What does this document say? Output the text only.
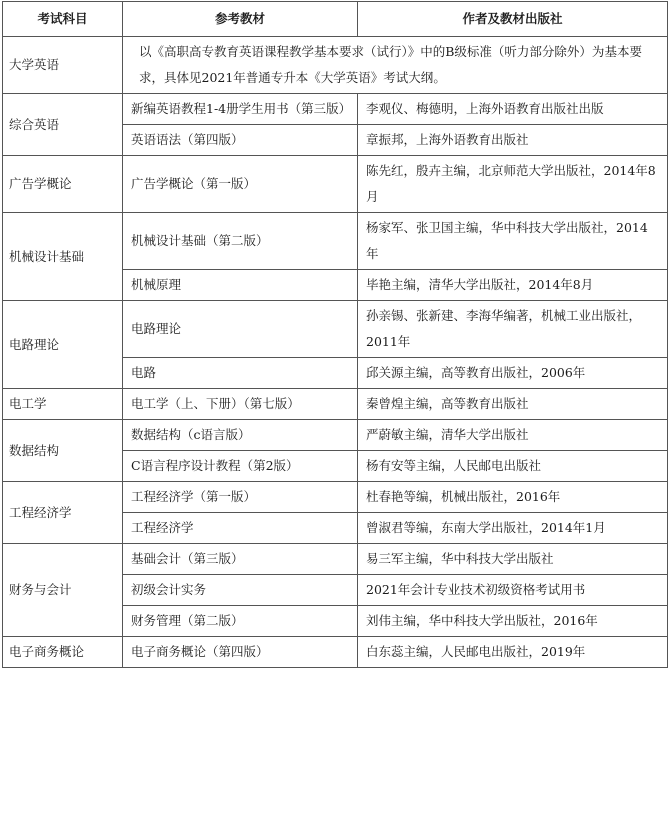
考试科目	参考教材	作者及教材出版社
大学英语	以《高职高专教育英语课程教学基本要求（试行）》中的B级标准（听力部分除外）为基本要求，具体见2021年普通专升本《大学英语》考试大纲。	
综合英语	新编英语教程1-4册学生用书（第三版）	李观仪、梅德明，上海外语教育出版社出版
	英语语法（第四版）	章振邦，上海外语教育出版社
广告学概论	广告学概论（第一版）	陈先红，殷卉主编，北京师范大学出版社，2014年8月
机械设计基础	机械设计基础（第二版）	杨家军、张卫国主编，华中科技大学出版社，2014年
	机械原理	毕艳主编，清华大学出版社，2014年8月
电路理论	电路理论	孙亲锡、张新建、李海华编著，机械工业出版社，2011年
	电路	邱关源主编，高等教育出版社，2006年
电工学	电工学（上、下册）（第七版）	秦曾煌主编，高等教育出版社
数据结构	数据结构（c语言版）	严蔚敏主编，清华大学出版社
	C语言程序设计教程（第2版）	杨有安等主编，人民邮电出版社
工程经济学	工程经济学（第一版）	杜春艳等编，机械出版社，2016年
	工程经济学	曾淑君等编，东南大学出版社，2014年1月
财务与会计	基础会计（第三版）	易三军主编，华中科技大学出版社
	初级会计实务	2021年会计专业技术初级资格考试用书
	财务管理（第二版）	刘伟主编，华中科技大学出版社，2016年
电子商务概论	电子商务概论（第四版）	白东蕊主编，人民邮电出版社，2019年
